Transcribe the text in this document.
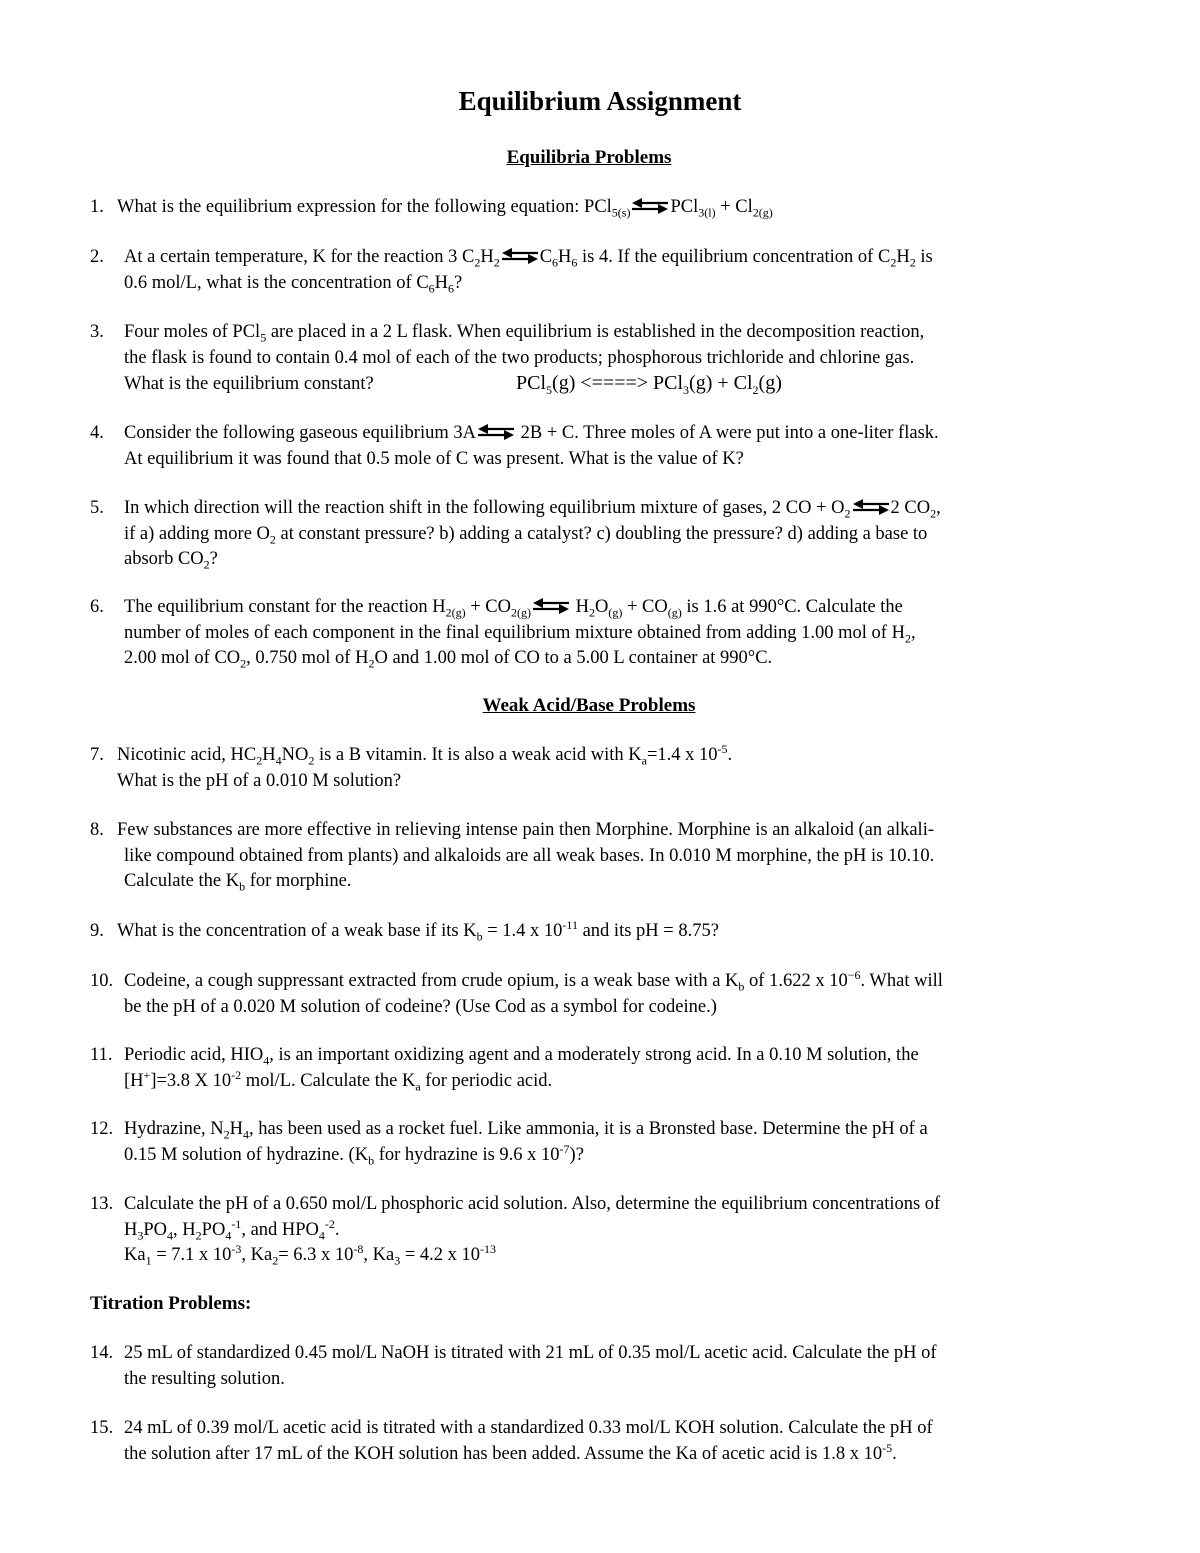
Equilibrium Assignment
Equilibria Problems
1. What is the equilibrium expression for the following equation: PCl$_{5(s)}$ $PCl_{3(l)} + Cl_{2(g)}$
2. At a certain temperature, K for the reaction 3 $C_2H_2$ $C_6H_6$ is 4. If the equilibrium concentration of $C_2H_2$ is
0.6 mol/L, what is the concentration of $C_6H_6$?
3. Four moles of PCl$_5$ are placed in a 2 L flask. When equilibrium is established in the decomposition reaction,
the flask is found to contain 0.4 mol of each of the two products; phosphorous trichloride and chlorine gas.
What is the equilibrium constant?	PCl$_5$(g) <====> $PCl_3(g) + Cl_2(g)$
4. Consider the following gaseous equilibrium 3A 2B + C. Three moles of A were put into a one-liter flask.
At equilibrium it was found that 0.5 mole of C was present. What is the value of K?
5. In which direction will the reaction shift in the following equilibrium mixture of gases, 2 CO + $O_2$ 2 $CO_2$,
if a) adding more $O_2$ at constant pressure? b) adding a catalyst? c) doubling the pressure? d) adding a base to
absorb $CO_2$?
6. The equilibrium constant for the reaction $H_{2(g)} + CO_{2(g)}$ $H_2O_{(g)} + CO_{(g)}$ is 1.6 at 990°C. Calculate the
number of moles of each component in the final equilibrium mixture obtained from adding 1.00 mol of $H_2$,
2.00 mol of $CO_2$, 0.750 mol of $H_2O$ and 1.00 mol of CO to a 5.00 L container at 990°C.
Weak Acid/Base Problems
7. Nicotinic acid, $HC_2H_4NO_2$ is a B vitamin. It is also a weak acid with $K_a=1.4$ x $10^{-5}$.
What is the pH of a 0.010 M solution?
8. Few substances are more effective in relieving intense pain then Morphine. Morphine is an alkaloid (an alkali-
like compound obtained from plants) and alkaloids are all weak bases. In 0.010 M morphine, the pH is 10.10.
Calculate the $K_b$ for morphine.
9. What is the concentration of a weak base if its $K_b = 1.4$ x $10^{-11}$ and its pH = 8.75?
10. Codeine, a cough suppressant extracted from crude opium, is a weak base with a $K_b$ of 1.622 x $10^{-6}$. What will
be the pH of a 0.020 M solution of codeine? (Use Cod as a symbol for codeine.)
11. Periodic acid, $HIO_4$, is an important oxidizing agent and a moderately strong acid. In a 0.10 M solution, the
[H+]=3.8 X $10^{-2}$ mol/L. Calculate the $K_a$ for periodic acid.
12. Hydrazine, $N_2H_4$, has been used as a rocket fuel. Like ammonia, it is a Bronsted base. Determine the pH of a
0.15 M solution of hydrazine. ($K_b$ for hydrazine is 9.6 x $10^{-7}$)?
13. Calculate the pH of a 0.650 mol/L phosphoric acid solution. Also, determine the equilibrium concentrations of
$H_3PO_4$, $H_2PO_4^{-1}$, and $HPO_4^{-2}$.
$Ka_1 = 7.1$ x $10^{-3}$, $Ka_2= 6.3$ x $10^{-8}$, $Ka_3 = 4.2$ x $10^{-13}$
Titration Problems:
14. 25 mL of standardized 0.45 mol/L NaOH is titrated with 21 mL of 0.35 mol/L acetic acid. Calculate the pH of
the resulting solution.
15. 24 mL of 0.39 mol/L acetic acid is titrated with a standardized 0.33 mol/L KOH solution. Calculate the pH of
the solution after 17 mL of the KOH solution has been added. Assume the Ka of acetic acid is 1.8 x $10^{-5}$.
